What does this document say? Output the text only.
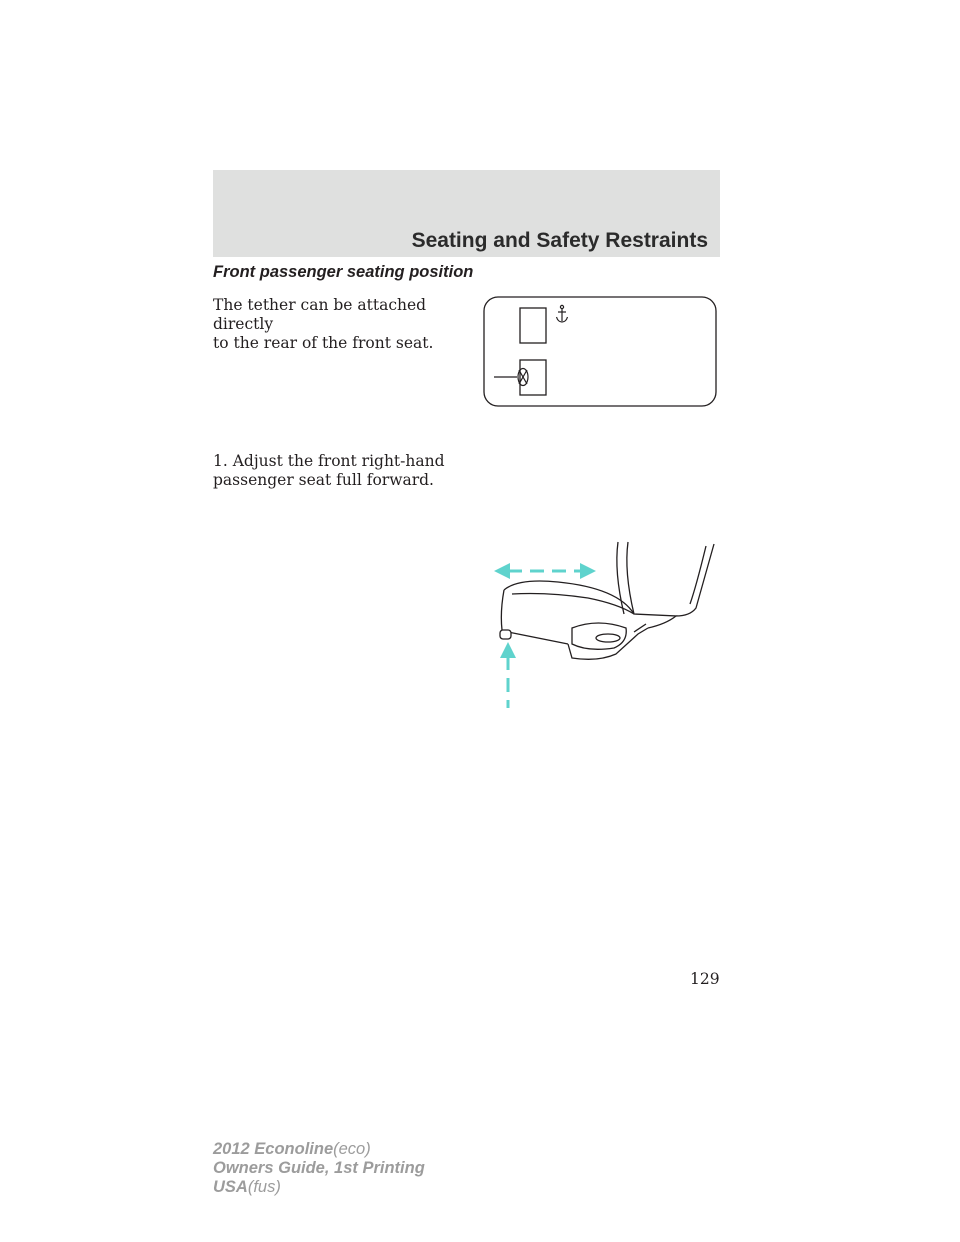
Seating and Safety Restraints
Front passenger seating position
The tether can be attached directly
to the rear of the front seat.
1. Adjust the front right-hand
passenger seat full forward.
129
2012 Econoline(eco)
Owners Guide, 1st Printing
USA(fus)
